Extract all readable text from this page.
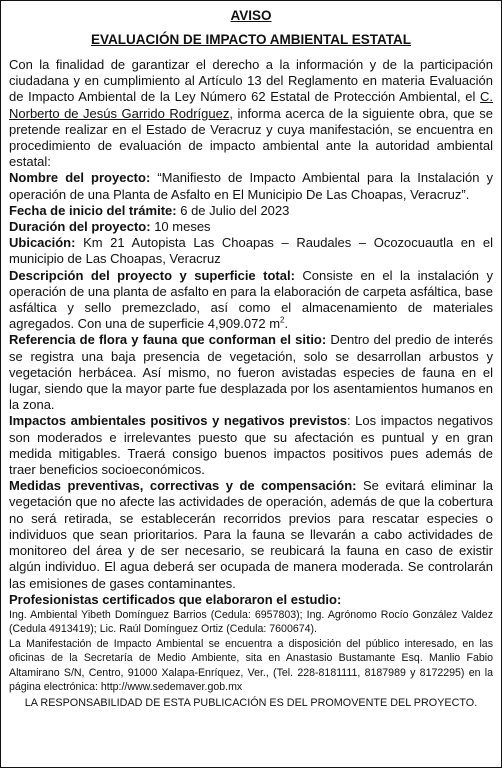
AVISO
EVALUACIÓN DE IMPACTO AMBIENTAL ESTATAL

Con la finalidad de garantizar el derecho a la información y de la participación ciudadana y en cumplimiento al Artículo 13 del Reglamento en materia Evaluación de Impacto Ambiental de la Ley Número 62 Estatal de Protección Ambiental, el C. Norberto de Jesús Garrido Rodríguez, informa acerca de la siguiente obra, que se pretende realizar en el Estado de Veracruz y cuya manifestación, se encuentra en procedimiento de evaluación de impacto ambiental ante la autoridad ambiental estatal:

Nombre del proyecto: “Manifiesto de Impacto Ambiental para la Instalación y operación de una Planta de Asfalto en El Municipio De Las Choapas, Veracruz”.

Fecha de inicio del trámite: 6 de Julio del 2023

Duración del proyecto: 10 meses

Ubicación: Km 21 Autopista Las Choapas – Raudales – Ocozocuautla en el municipio de Las Choapas, Veracruz

Descripción del proyecto y superficie total: Consiste en el la instalación y operación de una planta de asfalto en para la elaboración de carpeta asfáltica, base asfáltica y sello premezclado, así como el almacenamiento de materiales agregados. Con una de superficie 4,909.072 $m^2$.

Referencia de flora y fauna que conforman el sitio: Dentro del predio de interés se registra una baja presencia de vegetación, solo se desarrollan arbustos y vegetación herbácea. Así mismo, no fueron avistadas especies de fauna en el lugar, siendo que la mayor parte fue desplazada por los asentamientos humanos en la zona.

Impactos ambientales positivos y negativos previstos: Los impactos negativos son moderados e irrelevantes puesto que su afectación es puntual y en gran medida mitigables. Traerá consigo buenos impactos positivos pues además de traer beneficios socioeconómicos.

Medidas preventivas, correctivas y de compensación: Se evitará eliminar la vegetación que no afecte las actividades de operación, además de que la cobertura no será retirada, se establecerán recorridos previos para rescatar especies o individuos que sean prioritarios. Para la fauna se llevarán a cabo actividades de monitoreo del área y de ser necesario, se reubicará la fauna en caso de existir algún individuo. El agua deberá ser ocupada de manera moderada. Se controlarán las emisiones de gases contaminantes.

Profesionistas certificados que elaboraron el estudio:

Ing. Ambiental Yibeth Domínguez Barrios (Cedula: 6957803); Ing. Agrónomo Rocío González Valdez (Cedula 4913419); Lic. Raúl Domínguez Ortiz (Cedula: 7600674).

La Manifestación de Impacto Ambiental se encuentra a disposición del público interesado, en las oficinas de la Secretaría de Medio Ambiente, sita en Anastasio Bustamante Esq. Manlio Fabio Altamirano S/N, Centro, 91000 Xalapa-Enríquez, Ver., (Tel. 228-8181111, 8187989 y 8172295) en la página electrónica: http://www.sedemaver.gob.mx

LA RESPONSABILIDAD DE ESTA PUBLICACIÓN ES DEL PROMOVENTE DEL PROYECTO.
